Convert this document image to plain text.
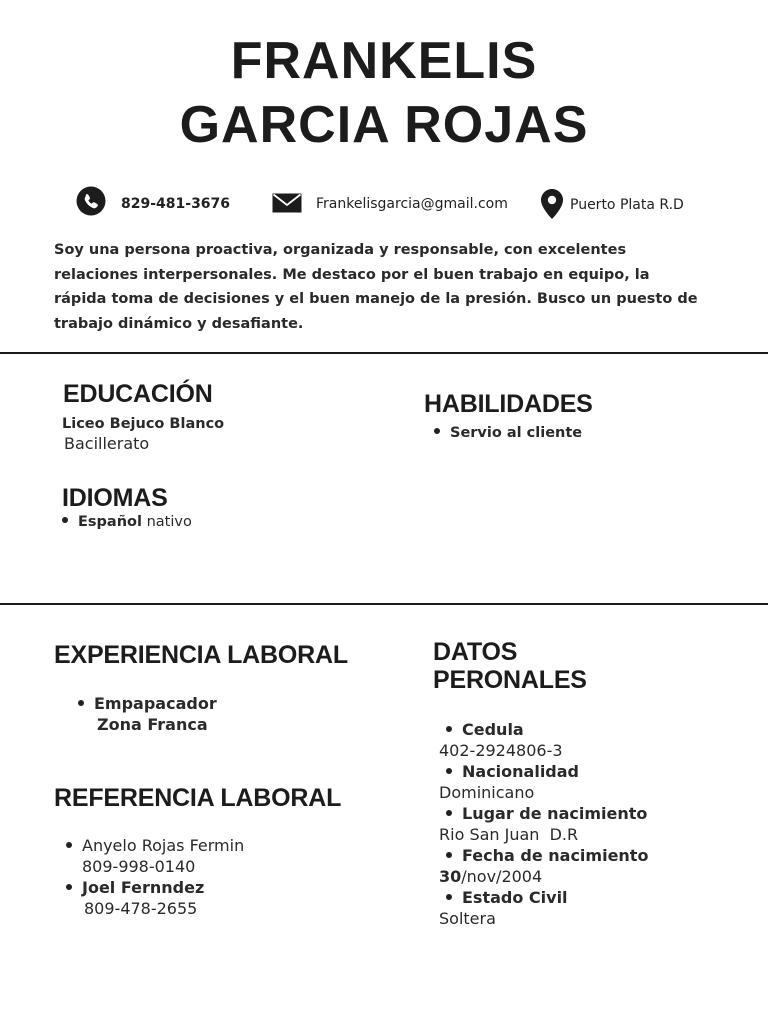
FRANKELIS
GARCIA ROJAS
829-481-3676	Frankelisgarcia@gmail.com	Puerto Plata R.D
Soy una persona proactiva, organizada y responsable, con excelentes relaciones interpersonales. Me destaco por el buen trabajo en equipo, la rápida toma de decisiones y el buen manejo de la presión. Busco un puesto de trabajo dinámico y desafiante.
EDUCACIÓN
Liceo Bejuco Blanco
Bacillerato
HABILIDADES
Servio al cliente
IDIOMAS
Español nativo
EXPERIENCIA LABORAL
Empapacador
Zona Franca
REFERENCIA LABORAL
Anyelo Rojas Fermin
809-998-0140
Joel Fernndez
809-478-2655
DATOS
PERONALES
Cedula
402-2924806-3
Nacionalidad
Dominicano
Lugar de nacimiento
Rio San Juan  D.R
Fecha de nacimiento
30/nov/2004
Estado Civil
Soltera
